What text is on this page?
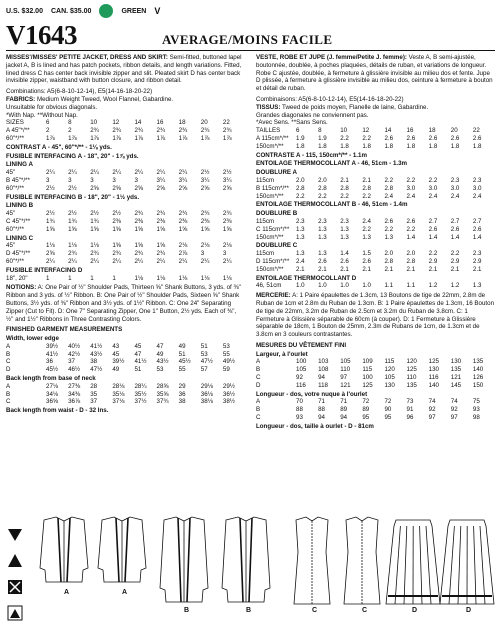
U.S. $32.00 CAN. $35.00	GREEN V
V1643	AVERAGE/MOINS FACILE
MISSES'/MISSES' PETITE JACKET, DRESS AND SKIRT: Semi-fitted, buttoned lapel jacket A, B is lined and has patch pockets, ribbon details, and length variations. Fitted, lined dress C has center back invisible zipper and slit. Pleated skirt D has center back invisible zipper, waistband with button closure, and ribbon detail.
Combinations: A5(6-8-10-12-14), E5(14-16-18-20-22)
FABRICS: Medium Weight Tweed, Wool Flannel, Gabardine.
Unsuitable for obvious diagonals.
*With Nap. **Without Nap.
SIZES	6	8	10	12	14	16	18	20	22
A 45"*/**	2	2	2¾	2¾	2¾	2¾	2¾	2¾	2¾
60"*/**	1⅞	1⅞	1⅞	1⅞	1⅞	1⅞	1⅞	1⅞	1⅞
CONTRAST A - 45", 60"*/** - 1⅛ yds.
FUSIBLE INTERFACING A - 18", 20" - 1⅞ yds.
LINING A
45"	2¼	2¼	2¼	2¼	2¼	2¼	2¼	2½	2½
B 45"*/**	3	3	3	3	3	3¼	3¼	3¼	3¼
60"*/**	2½	2½	2⅝	2⅝	2⅝	2⅝	2⅝	2⅝	2⅝
FUSIBLE INTERFACING B - 18", 20" - 1½ yds.
LINING B
45"	2½	2½	2½	2½	2¾	2¾	2¾	2¾	2¾
C 45"*/**	1¾	1¾	1¾	2⅜	2⅜	2⅜	2⅜	2⅜	2⅜
60"*/**	1⅝	1⅝	1⅝	1⅝	1⅝	1⅝	1⅝	1⅝	1⅝
LINING C
45"	1⅛	1⅛	1⅛	1⅝	1⅝	1⅝	2⅛	2⅛	2⅛
D 45"*/**	2⅝	2¾	2¾	2¾	2¾	2¾	2⅞	3	3
60"*/**	2¼	2¼	2¼	2¼	2¼	2¼	2¼	2¼	2¼
FUSIBLE INTERFACING D
18", 20"	1	1	1	1	1⅛	1⅛	1⅛	1⅛	1⅛
NOTIONS: A: One Pair of ½" Shoulder Pads, Thirteen ⅝" Shank Buttons, 3 yds. of ⅜" Ribbon and 3 yds. of ½" Ribbon. B: One Pair of ½" Shoulder Pads, Sixteen ⅝" Shank Buttons, 3½ yds. of ⅜" Ribbon and 3½ yds. of 1½" Ribbon. C: One 24" Separating Zipper (Cut to Fit). D: One 7" Separating Zipper, One 1" Button, 2½ yds. Each of ⅜", ½" and 1½" Ribbons in Three Contrasting Colors.
FINISHED GARMENT MEASUREMENTS
Width, lower edge
A	39½	40½	41½	43	45	47	49	51	53
B	41½	42½	43½	45	47	49	51	53	55
C	36	37	38	39½	41½	43½	45½	47½	49½
D	45½	46½	47½	49	51	53	55	57	59
Back length from base of neck
A	27⅛	27⅜	28	28⅛	28¼	28⅝	29	29⅛	29½
B	34⅛	34⅜	35	35⅛	35½	35⅝	36	36⅛	36½
C	36⅝	36⅞	37	37⅛	37½	37¾	38	38⅛	38½
Back length from waist - D - 32 Ins.
VESTE, ROBE ET JUPE (J. femme/Petite J. femme): Veste A, B semi-ajustée, boutonnée, doublée, à poches plaquées, détails de ruban, et variations de longueur. Robe C ajustée, doublée, à fermeture à glissière invisible au milieu dos et fente. Jupe D plissée, à fermeture à glissière invisible au milieu dos, ceinture à fermeture à bouton et détail de ruban.
Combinaisons: A5(6-8-10-12-14), E5(14-16-18-20-22)
TISSUS: Tweed de poids moyen, Flanelle de laine, Gabardine.
Grandes diagonales ne conviennent pas.
*Avec Sens. **Sans Sens.
TAILLES	6	8	10	12	14	16	18	20	22
A 115cm*/**	1.9	1.9	2.2	2.2	2.6	2.6	2.6	2.6	2.6
150cm*/**	1.8	1.8	1.8	1.8	1.8	1.8	1.8	1.8	1.8
CONTRASTE A - 115, 150cm*/** - 1.1m
ENTOILAGE THERMOCOLLANT A - 46, 51cm - 1.3m
DOUBLURE A
115cm	2.0	2.0	2.1	2.1	2.2	2.2	2.2	2.3	2.3
B 115cm*/**	2.8	2.8	2.8	2.8	2.8	3.0	3.0	3.0	3.0
150cm*/**	2.2	2.2	2.2	2.2	2.4	2.4	2.4	2.4	2.4
ENTOILAGE THERMOCOLLANT B - 46, 51cm - 1.4m
DOUBLURE B
115cm	2.3	2.3	2.3	2.4	2.6	2.6	2.7	2.7	2.7
C 115cm*/**	1.3	1.3	1.3	2.2	2.2	2.2	2.6	2.6	2.6
150cm*/**	1.3	1.3	1.3	1.3	1.3	1.4	1.4	1.4	1.4
DOUBLURE C
115cm	1.3	1.3	1.4	1.5	2.0	2.0	2.2	2.2	2.3
D 115cm*/**	2.4	2.6	2.6	2.6	2.8	2.8	2.9	2.9	2.9
150cm*/**	2.1	2.1	2.1	2.1	2.1	2.1	2.1	2.1	2.1
ENTOILAGE THERMOCOLLANT D
46, 51cm	1.0	1.0	1.0	1.0	1.1	1.1	1.2	1.2	1.3
MERCERIE: A: 1 Paire épaulettes de 1.3cm, 13 Boutons de tige de 22mm, 2.8m de Ruban de 1cm et 2.8m du Ruban de 1.3cm. B: 1 Paire épaulettes de 1.3cm, 16 Bouton de tige de 22mm, 3.2m de Ruban de 2.5cm et 3.2m du Ruban de 3.8cm. C: 1 Fermeture à Glissière séparable de 60cm (à couper). D: 1 Fermeture à Glissière séparable de 18cm, 1 Bouton de 25mm, 2.3m de Rubans de 1cm, de 1.3cm et de 3.8cm en 3 couleurs contrastantes.
MESURES DU VÊTEMENT FINI
Largeur, à l'ourlet
A	100	103	105	109	115	120	125	130	135
B	105	108	110	115	120	125	130	135	140
C	92	94	97	100	105	110	116	121	126
D	116	118	121	125	130	135	140	145	150
Longueur - dos, votre nuque à l'ourlet
A	70	71	71	72	72	73	74	74	75
B	88	88	89	89	90	91	92	92	93
C	93	94	94	95	95	96	97	97	98
Longueur - dos, taille à ourlet - D - 81cm

A	A
B	B	C	C	D	D
